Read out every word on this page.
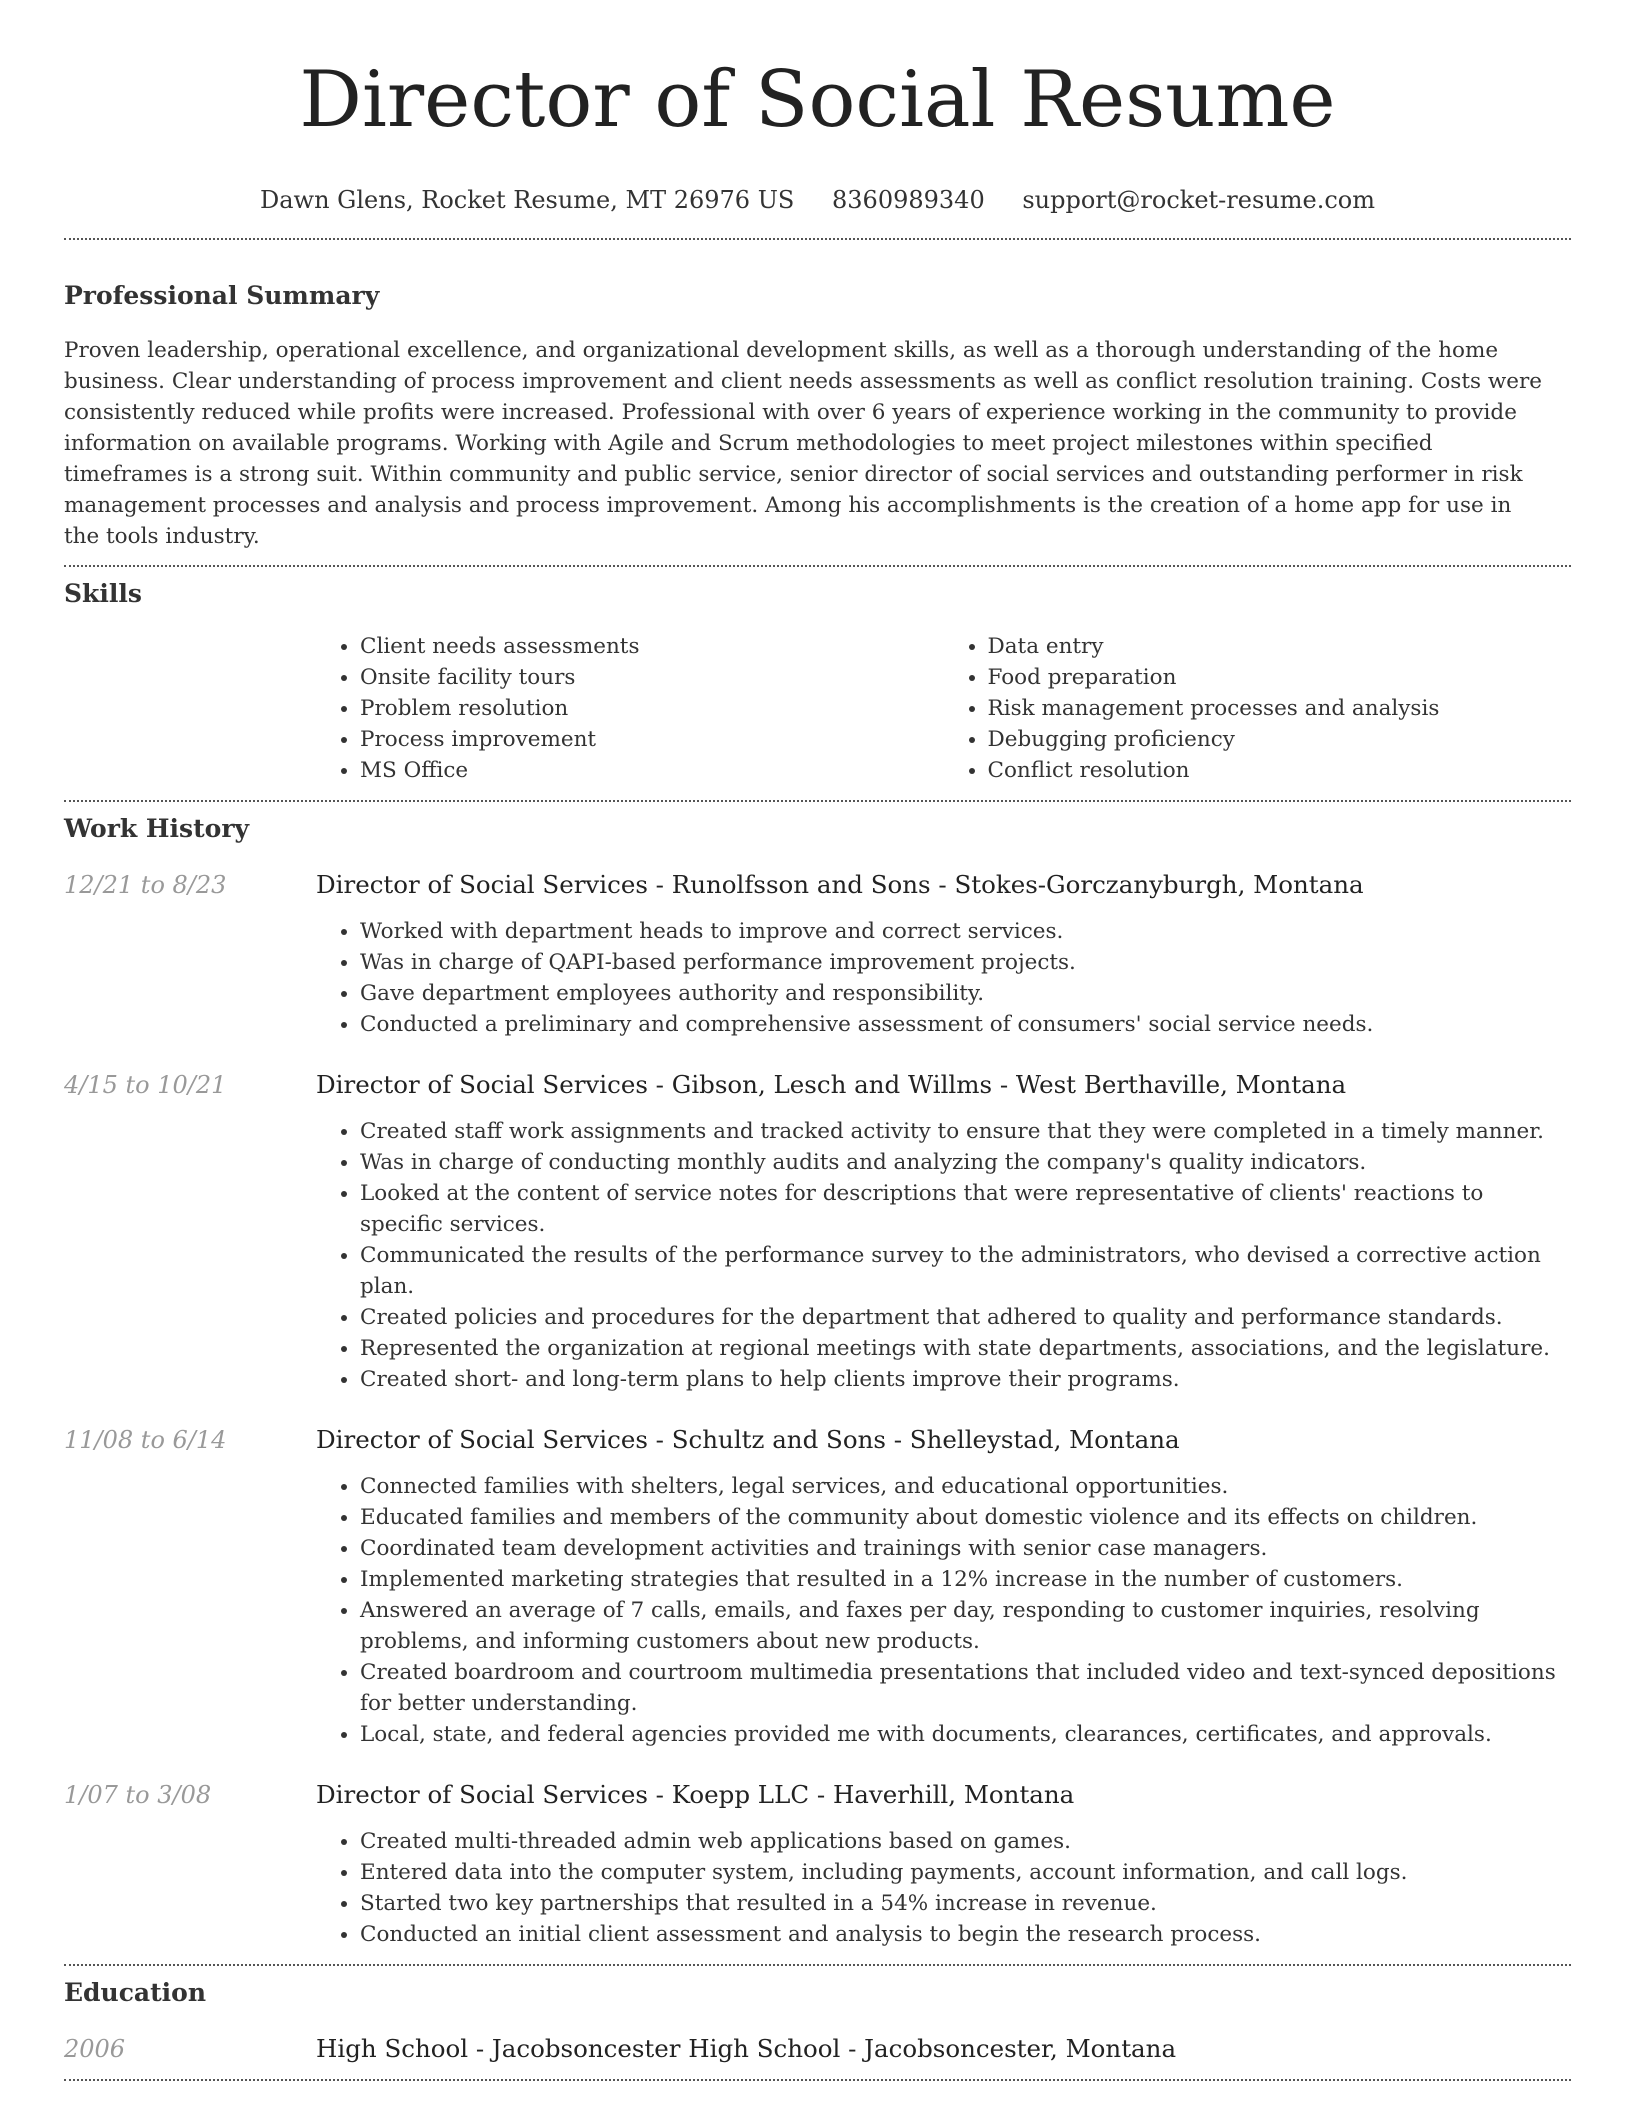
Director of Social Resume
Dawn Glens, Rocket Resume, MT 26976 US 8360989340 support@rocket-resume.com
Professional Summary

Proven leadership, operational excellence, and organizational development skills, as well as a thorough understanding of the home business. Clear understanding of process improvement and client needs assessments as well as conflict resolution training. Costs were consistently reduced while profits were increased. Professional with over 6 years of experience working in the community to provide information on available programs. Working with Agile and Scrum methodologies to meet project milestones within specified timeframes is a strong suit. Within community and public service, senior director of social services and outstanding performer in risk management processes and analysis and process improvement. Among his accomplishments is the creation of a home app for use in the tools industry.

Skills
• Client needs assessments
• Onsite facility tours
• Problem resolution
• Process improvement
• MS Office
• Data entry
• Food preparation
• Risk management processes and analysis
• Debugging proficiency
• Conflict resolution
Work History
12/21 to 8/23	Director of Social Services - Runolfsson and Sons - Stokes-Gorczanyburgh, Montana
• Worked with department heads to improve and correct services.
• Was in charge of QAPI-based performance improvement projects.
• Gave department employees authority and responsibility.
• Conducted a preliminary and comprehensive assessment of consumers' social service needs.
4/15 to 10/21	Director of Social Services - Gibson, Lesch and Willms - West Berthaville, Montana
• Created staff work assignments and tracked activity to ensure that they were completed in a timely manner.
• Was in charge of conducting monthly audits and analyzing the company's quality indicators.
• Looked at the content of service notes for descriptions that were representative of clients' reactions to specific services.
• Communicated the results of the performance survey to the administrators, who devised a corrective action plan.
• Created policies and procedures for the department that adhered to quality and performance standards.
• Represented the organization at regional meetings with state departments, associations, and the legislature.
• Created short- and long-term plans to help clients improve their programs.
11/08 to 6/14	Director of Social Services - Schultz and Sons - Shelleystad, Montana
• Connected families with shelters, legal services, and educational opportunities.
• Educated families and members of the community about domestic violence and its effects on children.
• Coordinated team development activities and trainings with senior case managers.
• Implemented marketing strategies that resulted in a 12% increase in the number of customers.
• Answered an average of 7 calls, emails, and faxes per day, responding to customer inquiries, resolving problems, and informing customers about new products.
• Created boardroom and courtroom multimedia presentations that included video and text-synced depositions for better understanding.
• Local, state, and federal agencies provided me with documents, clearances, certificates, and approvals.
1/07 to 3/08	Director of Social Services - Koepp LLC - Haverhill, Montana
• Created multi-threaded admin web applications based on games.
• Entered data into the computer system, including payments, account information, and call logs.
• Started two key partnerships that resulted in a 54% increase in revenue.
• Conducted an initial client assessment and analysis to begin the research process.
Education
2006	High School - Jacobsoncester High School - Jacobsoncester, Montana
